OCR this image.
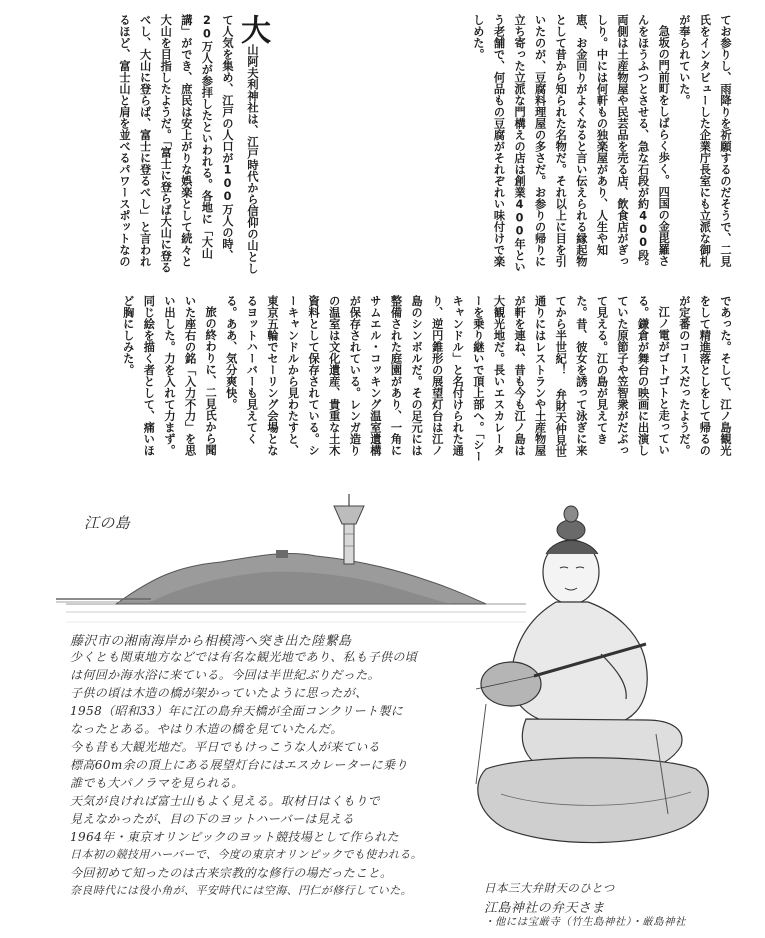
てお参りし、雨降りを祈願するのだそうで、二見氏をインタビューした企業庁長室にも立派な御札が奉られていた。

急坂の門前町をしばらく歩く。四国の金毘羅さんをほうふつとさせる、急な石段が約400段。両側は土産物屋や民芸品を売る店、飲食店がぎっしり。中には何軒もの独楽屋があり、人生や知恵、お金回りがよくなると言い伝えられる縁起物として昔から知られた名物だ。それ以上に目を引いたのが、豆腐料理屋の多さだ。お参りの帰りに立ち寄った立派な門構えの店は創業400年という老舗で、何品もの豆腐がそれぞれい味付けで楽しめた。

大山阿夫利神社は、江戸時代から信仰の山として人気を集め、江戸の人口が100万人の時、20万人が参拝したといわれる。各地に「大山講」ができ、庶民は安上がりな娯楽として続々と大山を目指したようだ。「富士に登らば大山に登るべし、大山に登らば、富士に登るべし」と言われるほど、富士山と肩を並べるパワースポットなの

であった。そして、江ノ島観光をして精進落としをして帰るのが定番のコースだったようだ。

江ノ電がゴトゴトと走っている。鎌倉が舞台の映画に出演していた原節子や笠智衆がだぶって見える。江の島が見えてきた。昔、彼女を誘って泳ぎに来てから半世紀！ 弁財天仲見世通りにはレストランや土産物屋が軒を連ね、昔も今も江ノ島は大観光地だ。長いエスカレーターを乗り継いで頂上部へ。「シーキャンドル」と名付けられた通り、逆円錐形の展望灯台は江ノ島のシンボルだ。その足元には整備された庭園があり、一角にサムエル・コッキング温室遺構が保存されている。レンガ造りの温室は文化遺産、貴重な土木資料として保存されている。シーキャンドルから見わたすと、東京五輪でセーリング会場となるヨットハーバーも見えてくる。ああ、気分爽快。

旅の終わりに、二見氏から聞いた座右の銘「入力不力」を思い出した。力を入れて力まず。同じ絵を描く者として、痛いほど胸にしみた。

江の島
藤沢市の湘南海岸から相模湾へ突き出た陸繋島
少くとも関東地方などでは有名な観光地であり、私も子供の頃
は何回か海水浴に来ている。今回は半世紀ぶりだった。
子供の頃は木造の橋が架かっていたように思ったが、
1958（昭和33）年に江の島弁天橋が全面コンクリート製に
なったとある。やはり木造の橋を見ていたんだ。
今も昔も大観光地だ。平日でもけっこうな人が来ている
標高60m余の頂上にある展望灯台にはエスカレーターに乗り
誰でも大パノラマを見られる。
天気が良ければ富士山もよく見える。取材日はくもりで
見えなかったが、目の下のヨットハーバーは見える
1964年・東京オリンピックのヨット競技場として作られた
日本初の競技用ハーバーで、今度の東京オリンピックでも使われる。
今回初めて知ったのは古来宗教的な修行の場だったこと。
奈良時代には役小角が、平安時代には空海、円仁が修行していた。	日本三大弁財天のひとつ
江島神社の弁天さま
・他には宝厳寺（竹生島神社）・厳島神社
